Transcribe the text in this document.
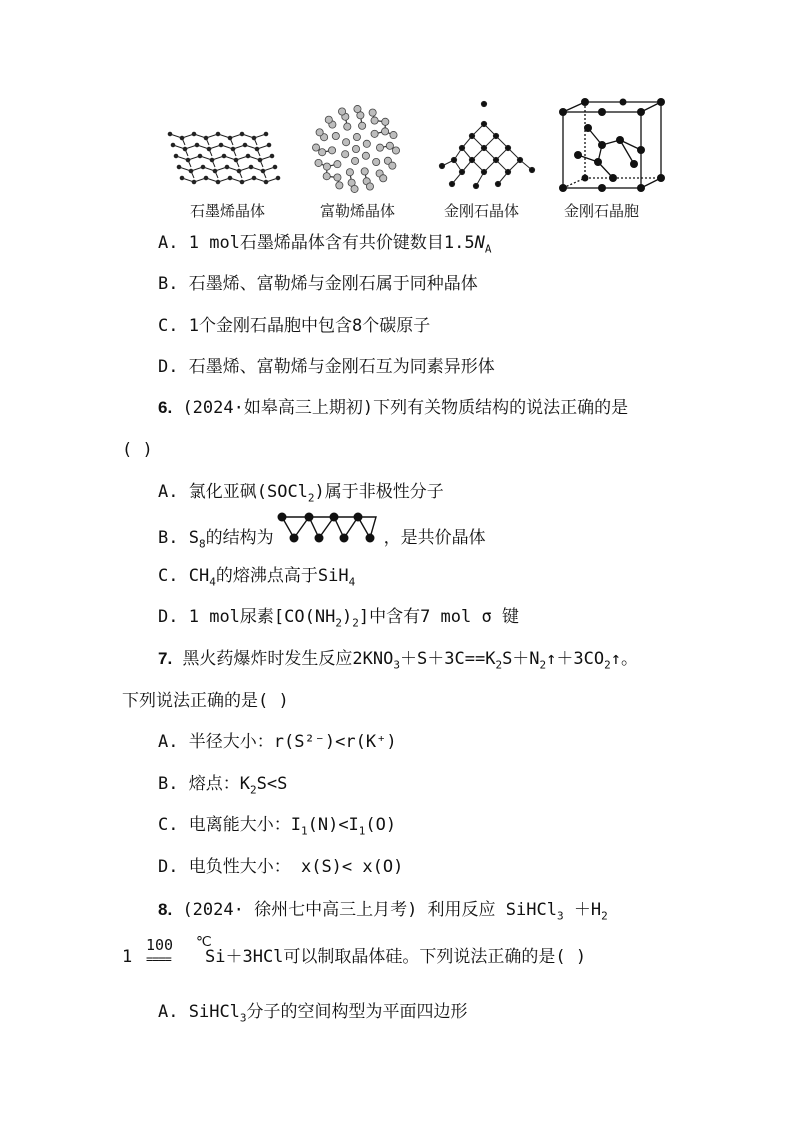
石墨烯晶体	富勒烯晶体	金刚石晶体	金刚石晶胞
A. 1 mol石墨烯晶体含有共价键数目$1.5N_A$
B. 石墨烯、富勒烯与金刚石属于同种晶体
C. 1个金刚石晶胞中包含8个碳原子
D. 石墨烯、富勒烯与金刚石互为同素异形体
6. (2024·如皋高三上期初)下列有关物质结构的说法正确的是
( )
A. 氯化亚砜(SOCl$_2$)属于非极性分子
B. $S_8$的结构为	，是共价晶体
C. $CH_4$的熔沸点高于SiH$_4$
D. 1 mol尿素$[CO(NH_2)_2]$中含有7 mol σ 键
7. 黑火药爆炸时发生反应$2KNO_3+S+3C==K_2S+N_2↑+3CO_2↑$。
下列说法正确的是( )
A. 半径大小：r(S²⁻)<r(K⁺)
B. 熔点：$K_2S<S$
C. 电离能大小：$I_1(N)<I_1(O)$
D. 电负性大小： x(S)< x(O)
8. (2024· 徐州七中高三上月考) 利用反应 SiHCl$_3$ $+H_2$
1
100
====
℃
Si＋3HCl可以制取晶体硅。下列说法正确的是( )
A. SiHCl$_3$分子的空间构型为平面四边形
